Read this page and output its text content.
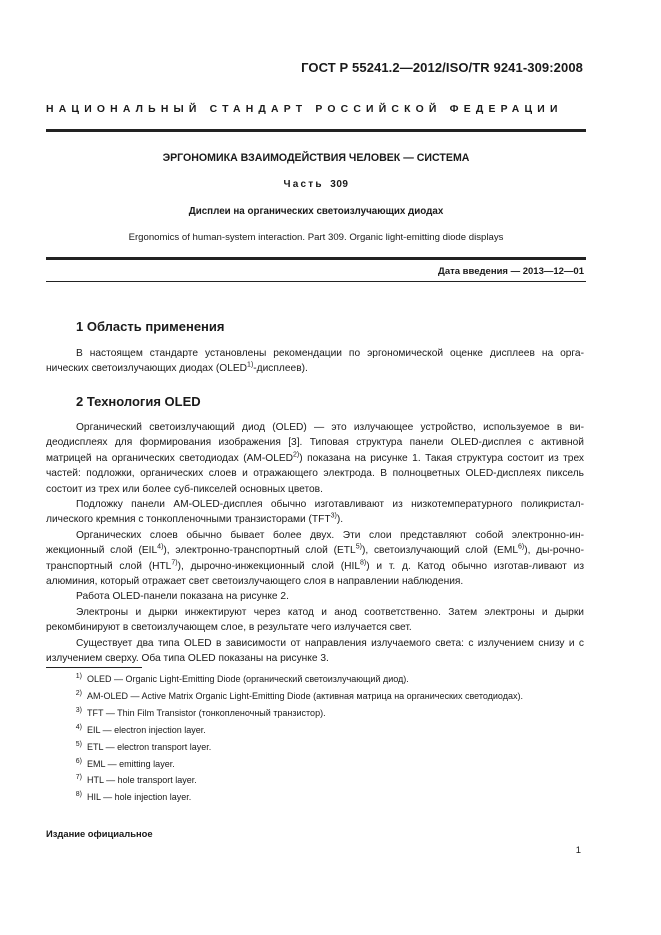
ГОСТ Р 55241.2—2012/ISO/TR 9241-309:2008
НАЦИОНАЛЬНЫЙ СТАНДАРТ РОССИЙСКОЙ ФЕДЕРАЦИИ
ЭРГОНОМИКА ВЗАИМОДЕЙСТВИЯ ЧЕЛОВЕК — СИСТЕМА
Часть 309
Дисплеи на органических светоизлучающих диодах
Ergonomics of human-system interaction. Part 309. Organic light-emitting diode displays
Дата введения — 2013—12—01
1 Область применения

В настоящем стандарте установлены рекомендации по эргономической оценке дисплеев на орга-нических светоизлучающих диодах (OLED$^{1)}$-дисплеев).

2 Технология OLED

Органический светоизлучающий диод (OLED) — это излучающее устройство, используемое в ви-деодисплеях для формирования изображения [3]. Типовая структура панели OLED-дисплея с активной матрицей на органических светодиодах (AM-OLED$^{2)}$) показана на рисунке 1. Такая структура состоит из трех частей: подложки, органических слоев и отражающего электрода. В полноцветных OLED-дисплеях пиксель состоит из трех или более суб-пикселей основных цветов.

Подложку панели AM-OLED-дисплея обычно изготавливают из низкотемпературного поликристал-лического кремния с тонкопленочными транзисторами (TFT$^{3)}$).

Органических слоев обычно бывает более двух. Эти слои представляют собой электронно-ин-жекционный слой (EIL$^{4)}$), электронно-транспортный слой (ETL$^{5)}$), светоизлучающий слой (EML$^{6)}$), ды-рочно-транспортный слой (HTL$^{7)}$), дырочно-инжекционный слой (HIL$^{8)}$) и т. д. Катод обычно изготав-ливают из алюминия, который отражает свет светоизлучающего слоя в направлении наблюдения.

Работа OLED-панели показана на рисунке 2.

Электроны и дырки инжектируют через катод и анод соответственно. Затем электроны и дырки рекомбинируют в светоизлучающем слое, в результате чего излучается свет.

Существует два типа OLED в зависимости от направления излучаемого света: с излучением снизу и с излучением сверху. Оба типа OLED показаны на рисунке 3.

$^{1)}$ OLED — Organic Light-Emitting Diode (органический светоизлучающий диод).
$^{2)}$ AM-OLED — Active Matrix Organic Light-Emitting Diode (активная матрица на органических светодиодах).
$^{3)}$ TFT — Thin Film Transistor (тонкопленочный транзистор).
$^{4)}$ EIL — electron injection layer.
$^{5)}$ ETL — electron transport layer.
$^{6)}$ EML — emitting layer.
$^{7)}$ HTL — hole transport layer.
$^{8)}$ HIL — hole injection layer.
Издание официальное
1
